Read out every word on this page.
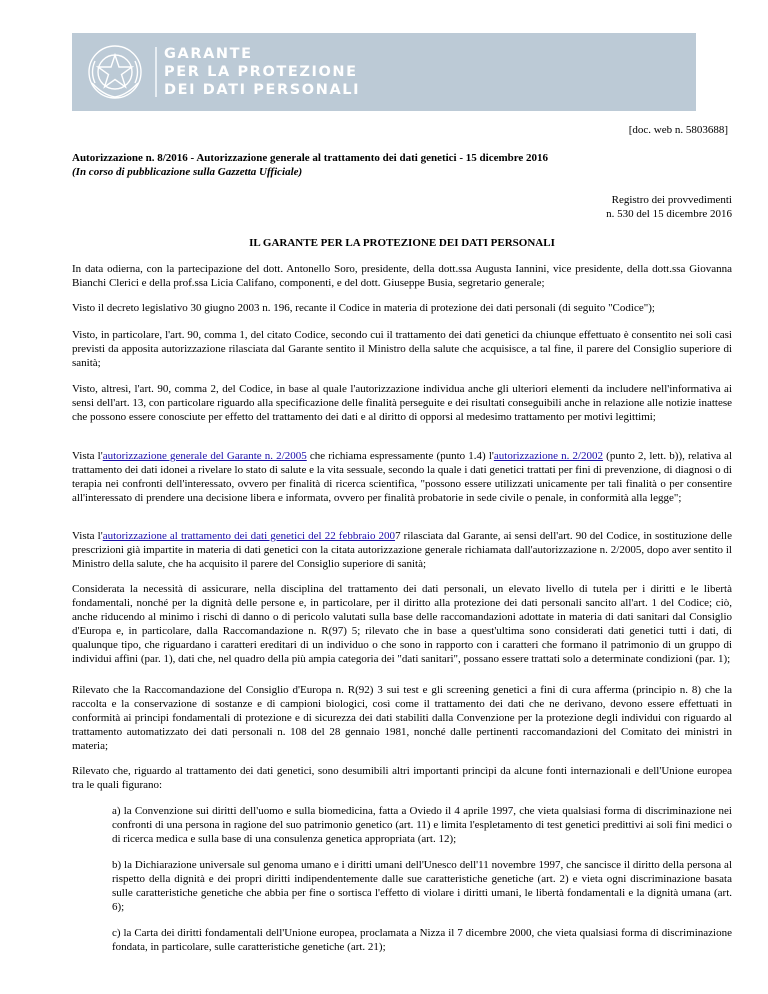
GARANTE
PER LA PROTEZIONE
DEI DATI PERSONALI
[doc. web n. 5803688]
Autorizzazione n. 8/2016 - Autorizzazione generale al trattamento dei dati genetici - 15 dicembre 2016
(In corso di pubblicazione sulla Gazzetta Ufficiale)
Registro dei provvedimenti
n. 530 del 15 dicembre 2016
IL GARANTE PER LA PROTEZIONE DEI DATI PERSONALI
In data odierna, con la partecipazione del dott. Antonello Soro, presidente, della dott.ssa Augusta Iannini, vice presidente, della dott.ssa Giovanna Bianchi Clerici e della prof.ssa Licia Califano, componenti, e del dott. Giuseppe Busia, segretario generale;
Visto il decreto legislativo 30 giugno 2003 n. 196, recante il Codice in materia di protezione dei dati personali (di seguito "Codice");
Visto, in particolare, l'art. 90, comma 1, del citato Codice, secondo cui il trattamento dei dati genetici da chiunque effettuato è consentito nei soli casi previsti da apposita autorizzazione rilasciata dal Garante sentito il Ministro della salute che acquisisce, a tal fine, il parere del Consiglio superiore di sanità;
Visto, altresì, l'art. 90, comma 2, del Codice, in base al quale l'autorizzazione individua anche gli ulteriori elementi da includere nell'informativa ai sensi dell'art. 13, con particolare riguardo alla specificazione delle finalità perseguite e dei risultati conseguibili anche in relazione alle notizie inattese che possono essere conosciute per effetto del trattamento dei dati e al diritto di opporsi al medesimo trattamento per motivi legittimi;
Vista l'autorizzazione generale del Garante n. 2/2005 che richiama espressamente (punto 1.4) l'autorizzazione n. 2/2002 (punto 2, lett. b)), relativa al trattamento dei dati idonei a rivelare lo stato di salute e la vita sessuale, secondo la quale i dati genetici trattati per fini di prevenzione, di diagnosi o di terapia nei confronti dell'interessato, ovvero per finalità di ricerca scientifica, "possono essere utilizzati unicamente per tali finalità o per consentire all'interessato di prendere una decisione libera e informata, ovvero per finalità probatorie in sede civile o penale, in conformità alla legge";
Vista l'autorizzazione al trattamento dei dati genetici del 22 febbraio 2007 rilasciata dal Garante, ai sensi dell'art. 90 del Codice, in sostituzione delle prescrizioni già impartite in materia di dati genetici con la citata autorizzazione generale richiamata dall'autorizzazione n. 2/2005, dopo aver sentito il Ministro della salute, che ha acquisito il parere del Consiglio superiore di sanità;
Considerata la necessità di assicurare, nella disciplina del trattamento dei dati personali, un elevato livello di tutela per i diritti e le libertà fondamentali, nonché per la dignità delle persone e, in particolare, per il diritto alla protezione dei dati personali sancito all'art. 1 del Codice; ciò, anche riducendo al minimo i rischi di danno o di pericolo valutati sulla base delle raccomandazioni adottate in materia di dati sanitari dal Consiglio d'Europa e, in particolare, dalla Raccomandazione n. R(97) 5; rilevato che in base a quest'ultima sono considerati dati genetici tutti i dati, di qualunque tipo, che riguardano i caratteri ereditari di un individuo o che sono in rapporto con i caratteri che formano il patrimonio di un gruppo di individui affini (par. 1), dati che, nel quadro della più ampia categoria dei "dati sanitari", possano essere trattati solo a determinate condizioni (par. 1);
Rilevato che la Raccomandazione del Consiglio d'Europa n. R(92) 3 sui test e gli screening genetici a fini di cura afferma (principio n. 8) che la raccolta e la conservazione di sostanze e di campioni biologici, così come il trattamento dei dati che ne derivano, devono essere effettuati in conformità ai principi fondamentali di protezione e di sicurezza dei dati stabiliti dalla Convenzione per la protezione degli individui con riguardo al trattamento automatizzato dei dati personali n. 108 del 28 gennaio 1981, nonché dalle pertinenti raccomandazioni del Comitato dei ministri in materia;
Rilevato che, riguardo al trattamento dei dati genetici, sono desumibili altri importanti princìpi da alcune fonti internazionali e dell'Unione europea tra le quali figurano:
a) la Convenzione sui diritti dell'uomo e sulla biomedicina, fatta a Oviedo il 4 aprile 1997, che vieta qualsiasi forma di discriminazione nei confronti di una persona in ragione del suo patrimonio genetico (art. 11) e limita l'espletamento di test genetici predittivi ai soli fini medici o di ricerca medica e sulla base di una consulenza genetica appropriata (art. 12);
b) la Dichiarazione universale sul genoma umano e i diritti umani dell'Unesco dell'11 novembre 1997, che sancisce il diritto della persona al rispetto della dignità e dei propri diritti indipendentemente dalle sue caratteristiche genetiche (art. 2) e vieta ogni discriminazione basata sulle caratteristiche genetiche che abbia per fine o sortisca l'effetto di violare i diritti umani, le libertà fondamentali e la dignità umana (art. 6);
c) la Carta dei diritti fondamentali dell'Unione europea, proclamata a Nizza il 7 dicembre 2000, che vieta qualsiasi forma di discriminazione fondata, in particolare, sulle caratteristiche genetiche (art. 21);
